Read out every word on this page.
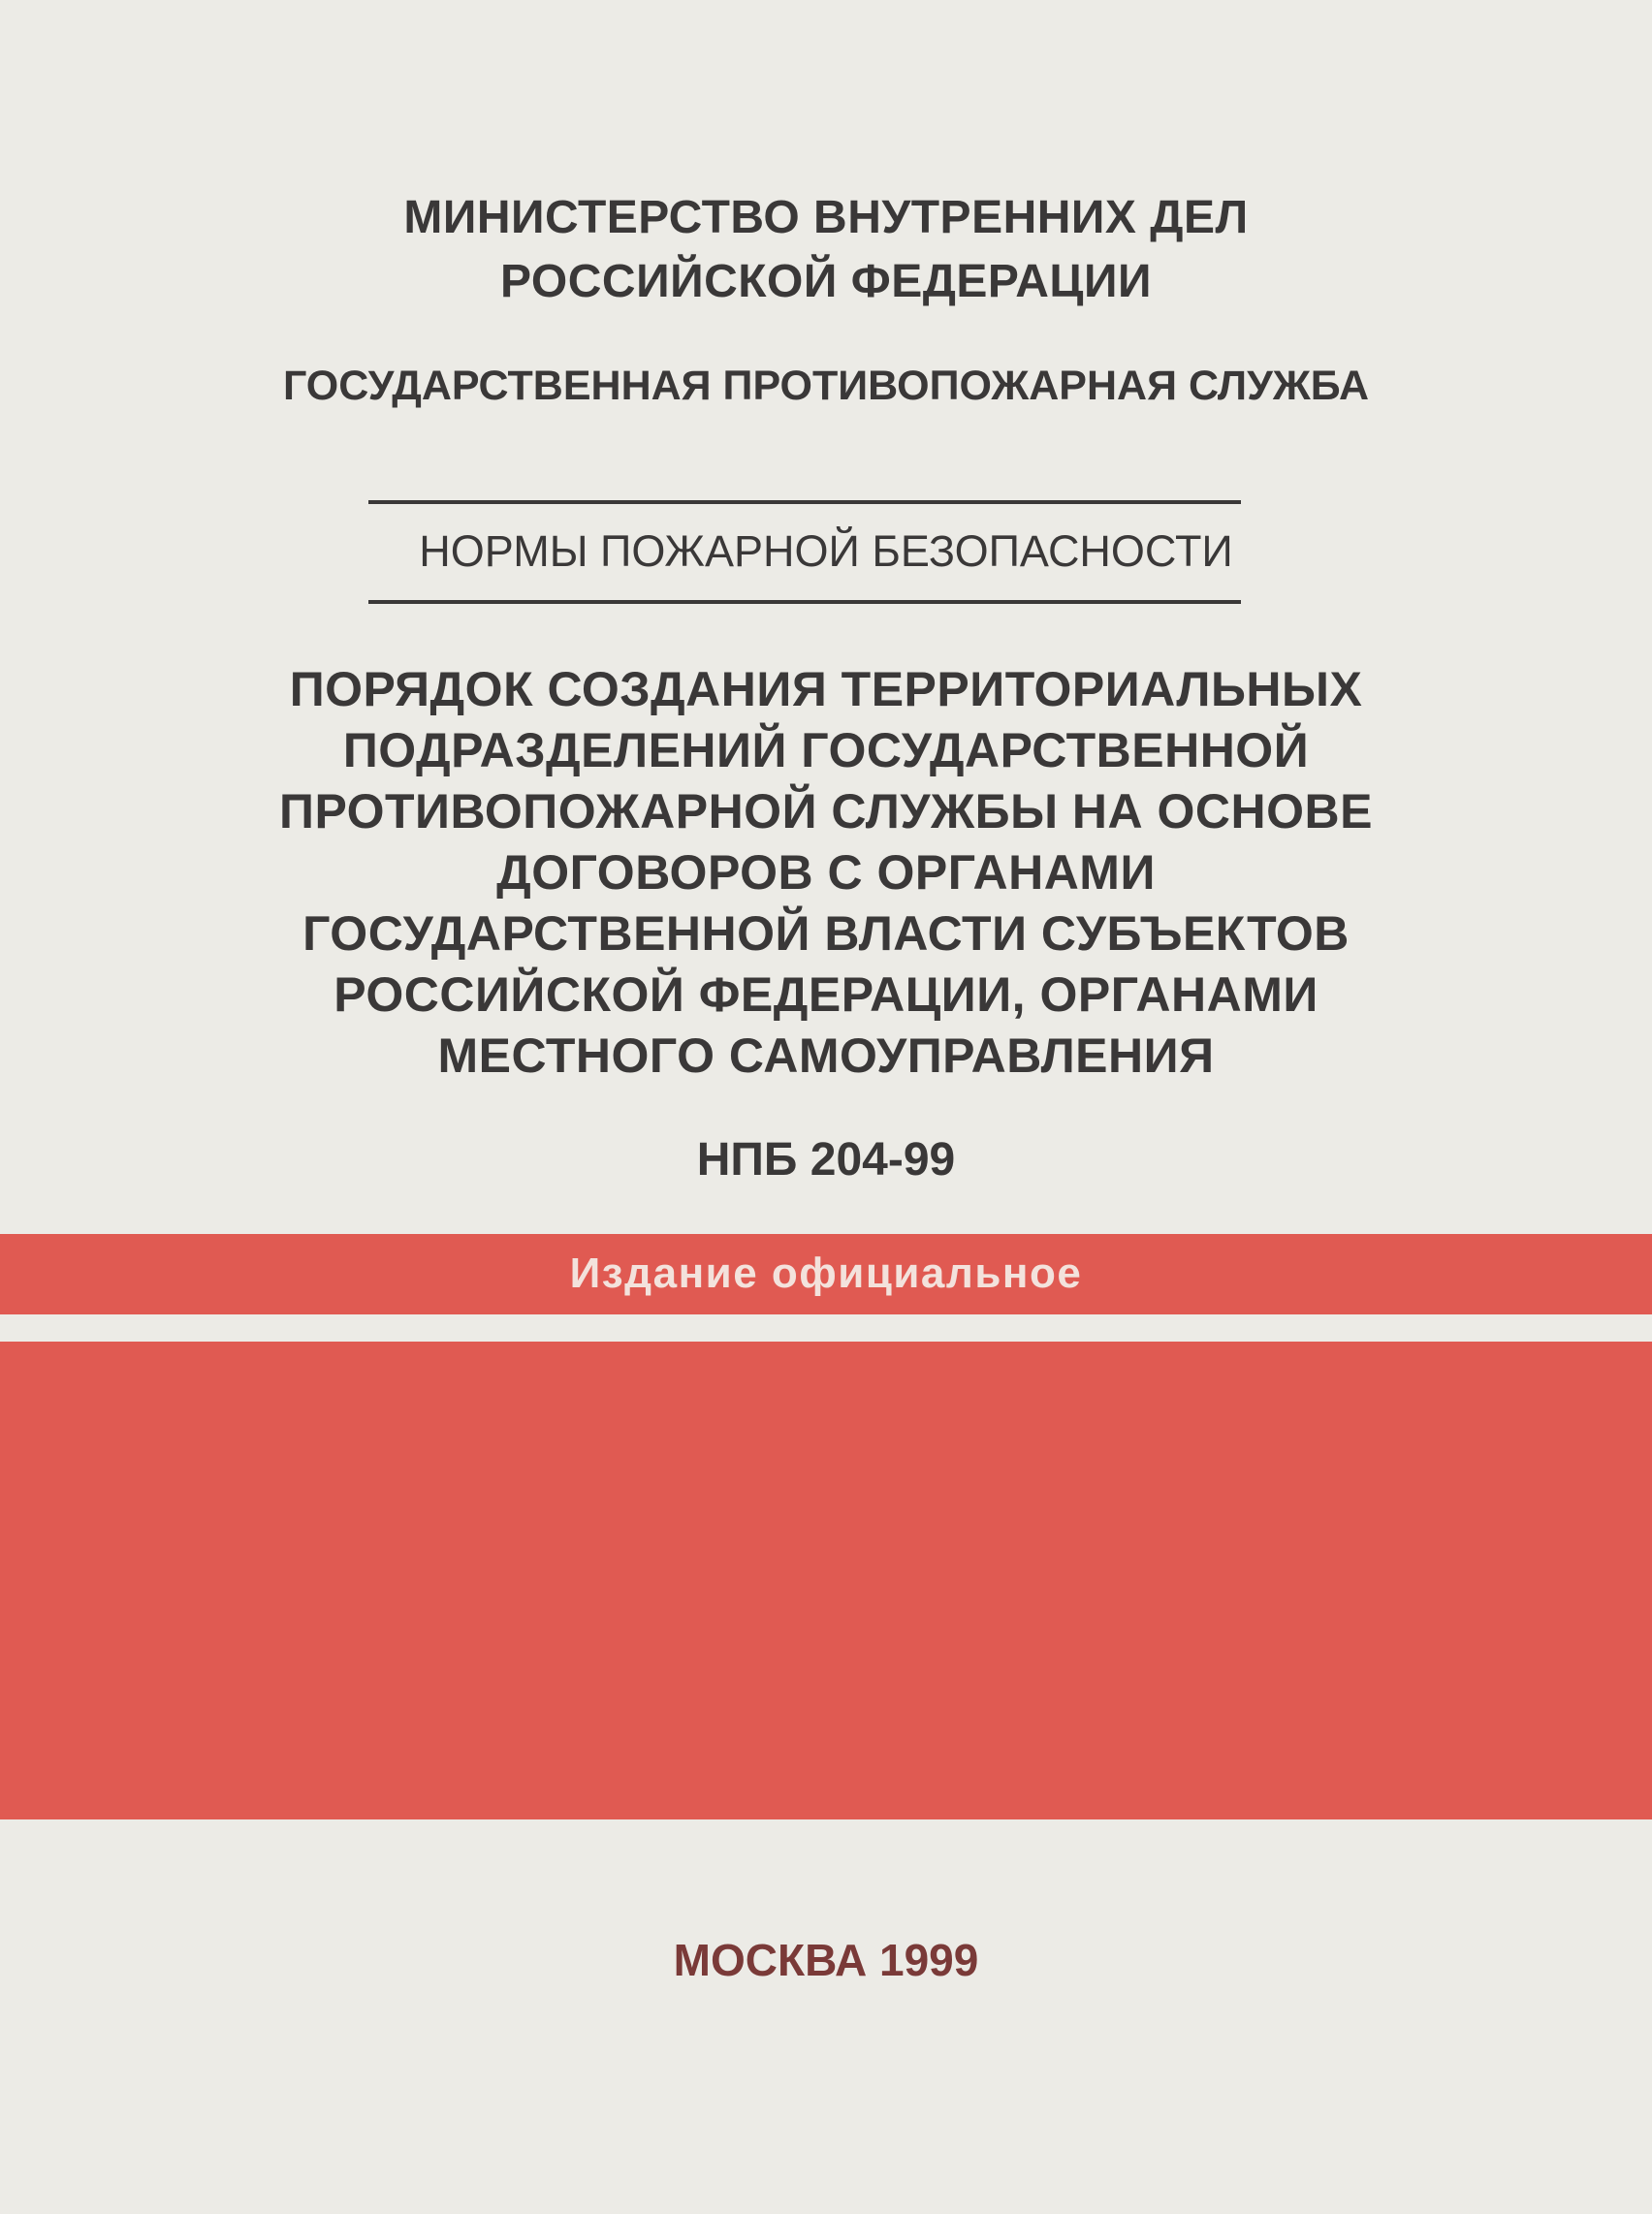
МИНИСТЕРСТВО ВНУТРЕННИХ ДЕЛ
РОССИЙСКОЙ ФЕДЕРАЦИИ
ГОСУДАРСТВЕННАЯ ПРОТИВОПОЖАРНАЯ СЛУЖБА
НОРМЫ ПОЖАРНОЙ БЕЗОПАСНОСТИ
ПОРЯДОК СОЗДАНИЯ ТЕРРИТОРИАЛЬНЫХ
ПОДРАЗДЕЛЕНИЙ ГОСУДАРСТВЕННОЙ
ПРОТИВОПОЖАРНОЙ СЛУЖБЫ НА ОСНОВЕ
ДОГОВОРОВ С ОРГАНАМИ
ГОСУДАРСТВЕННОЙ ВЛАСТИ СУБЪЕКТОВ
РОССИЙСКОЙ ФЕДЕРАЦИИ, ОРГАНАМИ
МЕСТНОГО САМОУПРАВЛЕНИЯ
НПБ 204-99
Издание официальное
МОСКВА 1999
